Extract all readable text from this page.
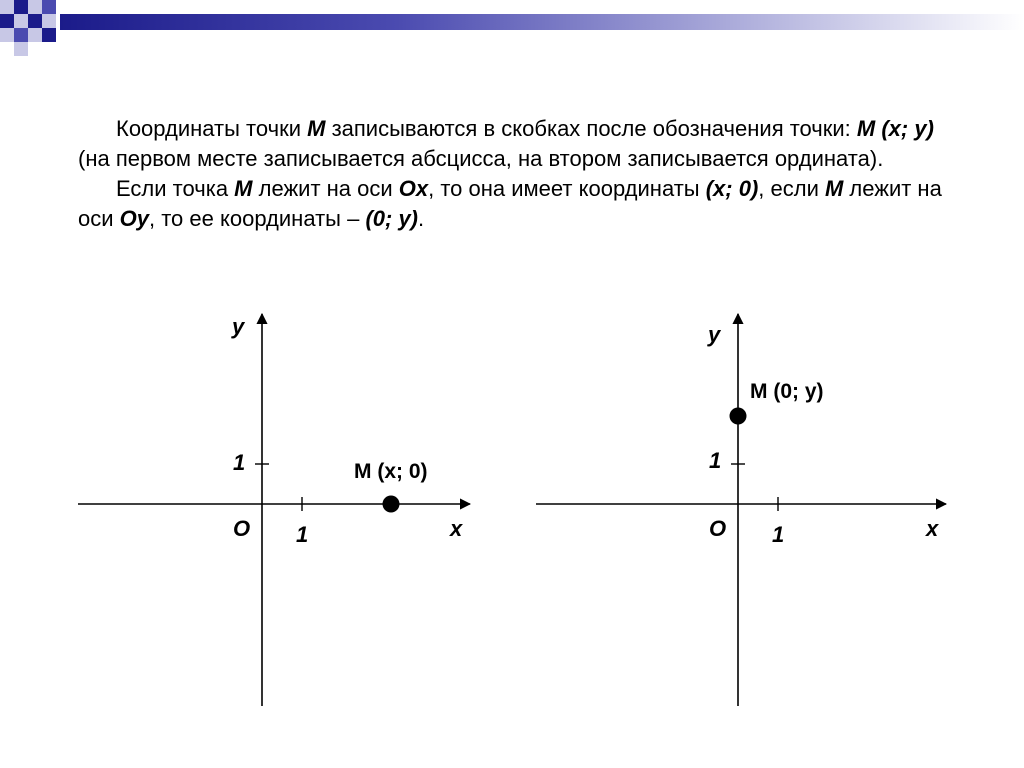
Координаты точки M записываются в скобках после обозначения точки: M (x; y) (на первом месте записывается абсцисса, на втором записывается ордината).

Если точка M лежит на оси Ox, то она имеет координаты (x; 0), если M лежит на оси Oy, то ее координаты – (0; y).

y
x
O 1
1	M (x; 0)
y
x
O 1
1
M (0; y)
